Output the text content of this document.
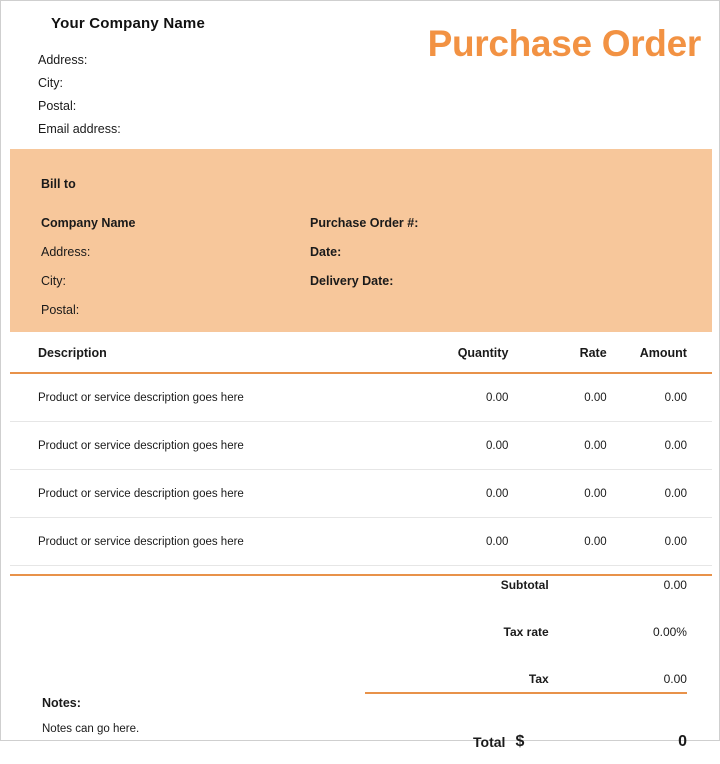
Your Company Name
Address:
City:
Postal:
Email address:
Purchase Order
Bill to
Company Name
Address:
City:
Postal:
Purchase Order #:
Date:
Delivery Date:
Description	Quantity	Rate	Amount
Product or service description goes here	0.00	0.00	0.00
Product or service description goes here	0.00	0.00	0.00
Product or service description goes here	0.00	0.00	0.00
Product or service description goes here	0.00	0.00	0.00
Subtotal	0.00
Tax rate	0.00%
Tax	0.00
Total $	0
Notes:
Notes can go here.
